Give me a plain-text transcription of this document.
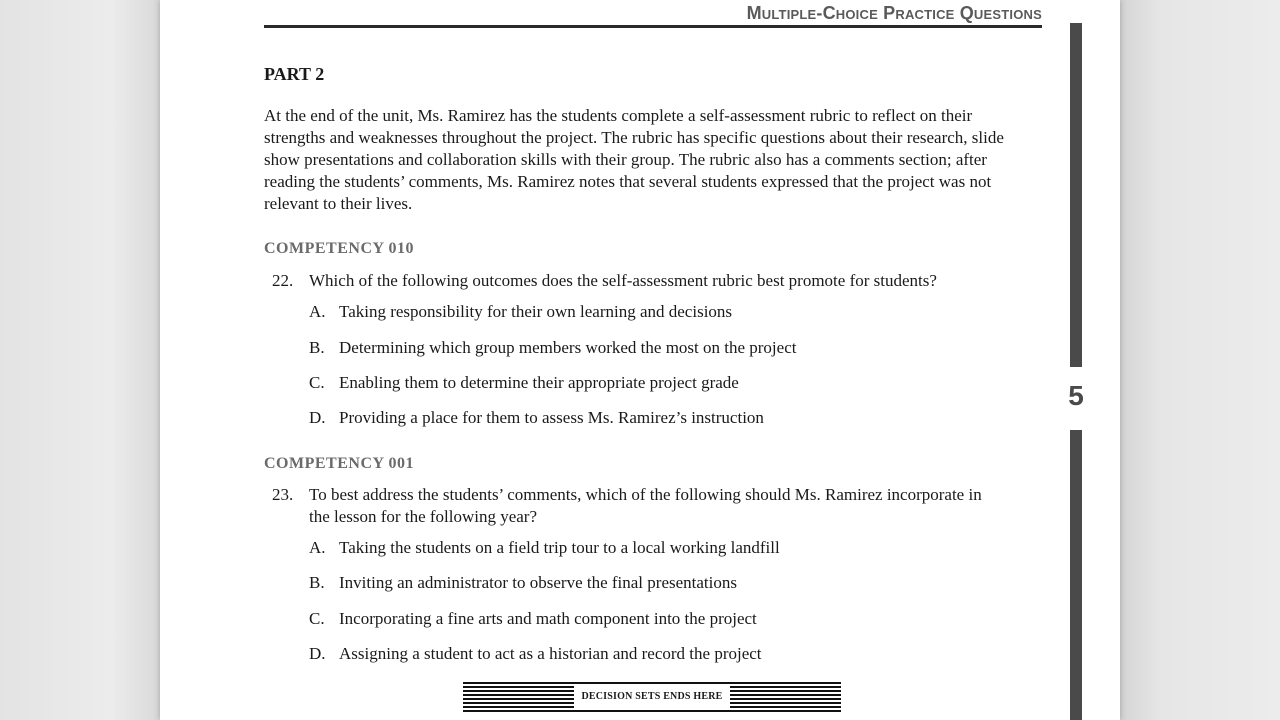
Multiple-Choice Practice Questions
5
PART 2

At the end of the unit, Ms. Ramirez has the students complete a self-assessment rubric to reflect on their strengths and weaknesses throughout the project. The rubric has specific questions about their research, slide show presentations and collaboration skills with their group. The rubric also has a comments section; after reading the students’ comments, Ms. Ramirez notes that several students expressed that the project was not relevant to their lives.

COMPETENCY 010
22. Which of the following outcomes does the self-assessment rubric best promote for students?
A. Taking responsibility for their own learning and decisions
B. Determining which group members worked the most on the project
C. Enabling them to determine their appropriate project grade
D. Providing a place for them to assess Ms. Ramirez’s instruction
COMPETENCY 001
23. To best address the students’ comments, which of the following should Ms. Ramirez incorporate in the lesson for the following year?
A. Taking the students on a field trip tour to a local working landfill
B. Inviting an administrator to observe the final presentations
C. Incorporating a fine arts and math component into the project
D. Assigning a student to act as a historian and record the project
DECISION SETS ENDS HERE
